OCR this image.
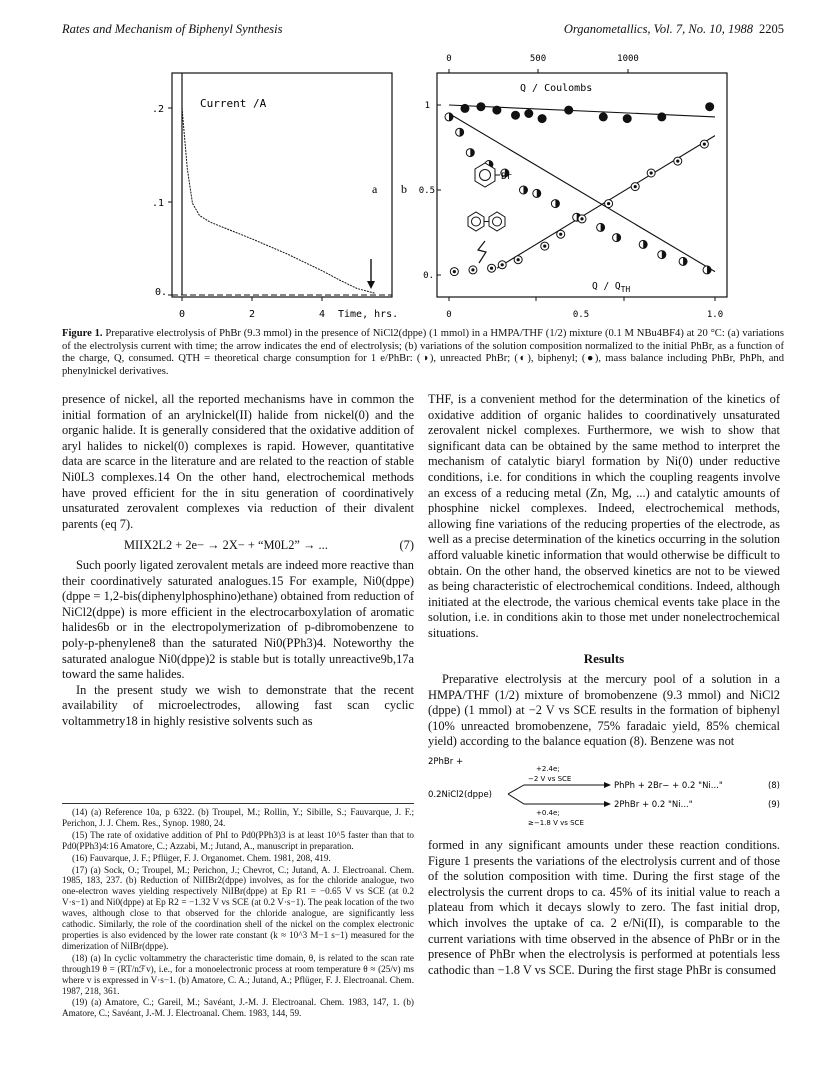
Rates and Mechanism of Biphenyl Synthesis	Organometallics, Vol. 7, No. 10, 1988 2205
.2
.1
0.
Current /A
a
0	2	4 Time, hrs.
0	500	1000
Q / Coulombs
b
1
0.5
0.
0	0.5	1.0
Q / $Q_{TH}$
Br
Figure 1. Preparative electrolysis of PhBr (9.3 mmol) in the presence of NiCl2(dppe) (1 mmol) in a HMPA/THF (1/2) mixture (0.1 M NBu4BF4) at 20 °C: (a) variations of the electrolysis current with time; the arrow indicates the end of electrolysis; (b) variations of the solution composition normalized to the initial PhBr, as a function of the charge, Q, consumed. QTH = theoretical charge consumption for 1 e/PhBr: (◑), unreacted PhBr; (◐), biphenyl; (●), mass balance including PhBr, PhPh, and phenylnickel derivatives.

presence of nickel, all the reported mechanisms have in common the initial formation of an arylnickel(II) halide from nickel(0) and the organic halide. It is generally considered that the oxidative addition of aryl halides to nickel(0) complexes is rapid. However, quantitative data are scarce in the literature and are related to the reaction of stable Ni0L3 complexes.14 On the other hand, electrochemical methods have proved efficient for the in situ generation of coordinatively unsaturated zerovalent complexes via reduction of their divalent parents (eq 7).

MIIX2L2 + 2e− → 2X− + “M0L2” → ...	(7)

Such poorly ligated zerovalent metals are indeed more reactive than their coordinatively saturated analogues.15 For example, Ni0(dppe) (dppe = 1,2-bis(diphenylphosphino)ethane) obtained from reduction of NiCl2(dppe) is more efficient in the electrocarboxylation of aromatic halides6b or in the electropolymerization of p-dibromobenzene to poly-p-phenylene8 than the saturated Ni0(PPh3)4. Noteworthy the saturated analogue Ni0(dppe)2 is stable but is totally unreactive9b,17a toward the same halides.

In the present study we wish to demonstrate that the recent availability of microelectrodes, allowing fast scan cyclic voltammetry18 in highly resistive solvents such as

(14) (a) Reference 10a, p 6322. (b) Troupel, M.; Rollin, Y.; Sibille, S.; Fauvarque, J. F.; Perichon, J. J. Chem. Res., Synop. 1980, 24.

(15) The rate of oxidative addition of PhI to Pd0(PPh3)3 is at least 10^5 faster than that to Pd0(PPh3)4:16 Amatore, C.; Azzabi, M.; Jutand, A., manuscript in preparation.

(16) Fauvarque, J. F.; Pflüger, F. J. Organomet. Chem. 1981, 208, 419.

(17) (a) Sock, O.; Troupel, M.; Perichon, J.; Chevrot, C.; Jutand, A. J. Electroanal. Chem. 1985, 183, 237. (b) Reduction of NiIIBr2(dppe) involves, as for the chloride analogue, two one-electron waves yielding respectively NiIBr(dppe) at Ep R1 = −0.65 V vs SCE (at 0.2 V·s−1) and Ni0(dppe) at Ep R2 = −1.32 V vs SCE (at 0.2 V·s−1). The peak location of the two waves, although close to that observed for the chloride analogue, are significantly less cathodic. Similarly, the role of the coordination shell of the nickel on the complex electronic properties is also evidenced by the lower rate constant (k ≈ 10^3 M−1 s−1) measured for the dimerization of NiIBr(dppe).

(18) (a) In cyclic voltammetry the characteristic time domain, θ, is related to the scan rate through19 θ = (RT/nℱv), i.e., for a monoelectronic process at room temperature θ ≈ (25/v) ms where v is expressed in V·s−1. (b) Amatore, C. A.; Jutand, A.; Pflüger, F. J. Electroanal. Chem. 1987, 218, 361.

(19) (a) Amatore, C.; Gareil, M.; Savéant, J.-M. J. Electroanal. Chem. 1983, 147, 1. (b) Amatore, C.; Savéant, J.-M. J. Electroanal. Chem. 1983, 144, 59.

THF, is a convenient method for the determination of the kinetics of oxidative addition of organic halides to coordinatively unsaturated zerovalent nickel complexes. Furthermore, we wish to show that significant data can be obtained by the same method to interpret the mechanism of catalytic biaryl formation by Ni(0) under reductive conditions, i.e. for conditions in which the coupling reagents involve an excess of a reducing metal (Zn, Mg, ...) and catalytic amounts of phosphine nickel complexes. Indeed, electrochemical methods, allowing fine variations of the reducing properties of the electrode, as well as a precise determination of the kinetics occurring in the solution afford valuable kinetic information that would otherwise be difficult to obtain. On the other hand, the observed kinetics are not to be viewed as being characteristic of electrochemical conditions. Indeed, although initiated at the electrode, the various chemical events take place in the solution, i.e. in conditions akin to those met under nonelectrochemical situations.

Results

Preparative electrolysis at the mercury pool of a solution in a HMPA/THF (1/2) mixture of bromobenzene (9.3 mmol) and NiCl2 (dppe) (1 mmol) at −2 V vs SCE results in the formation of biphenyl (10% unreacted bromobenzene, 75% faradaic yield, 85% chemical yield) according to the balance equation (8). Benzene was not

2PhBr +
0.2NiCl2(dppe)
+2.4e;
−2 V vs SCE
+0.4e;
≥−1.8 V vs SCE
PhPh + 2Br− + 0.2 "Ni..."	(8)
2PhBr + 0.2 "Ni..."	(9)

formed in any significant amounts under these reaction conditions. Figure 1 presents the variations of the electrolysis current and of those of the solution composition with time. During the first stage of the electrolysis the current drops to ca. 45% of its initial value to reach a plateau from which it decays slowly to zero. The fast initial drop, which involves the uptake of ca. 2 e/Ni(II), is comparable to the current variations with time observed in the absence of PhBr or in the presence of PhBr when the electrolysis is performed at potentials less cathodic than −1.8 V vs SCE. During the first stage PhBr is consumed
